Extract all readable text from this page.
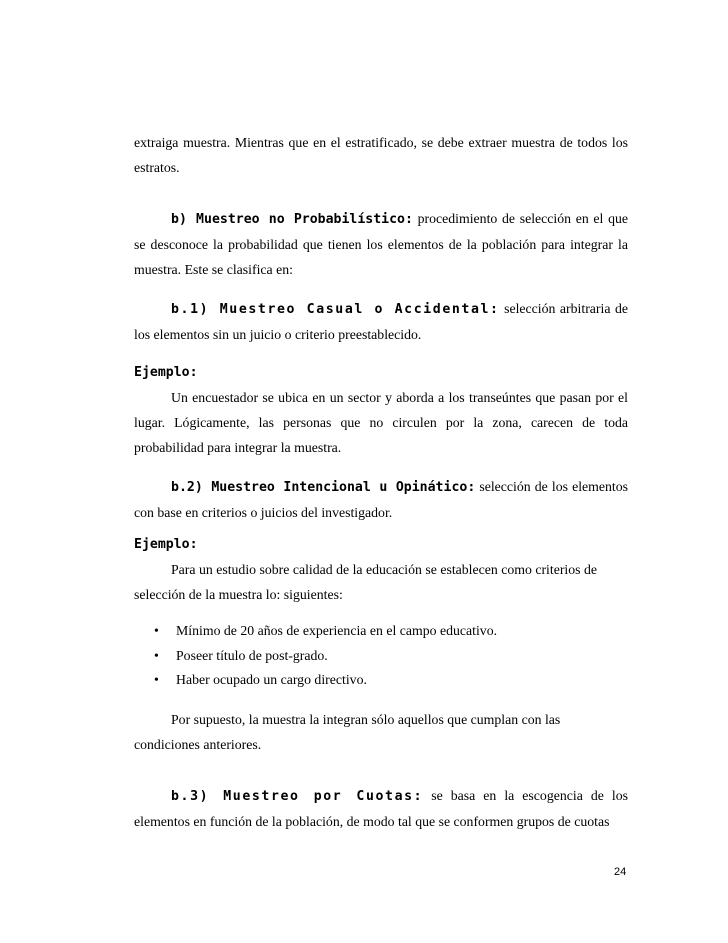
extraiga muestra. Mientras que en el estratificado, se debe extraer muestra de todos los estratos.

b) Muestreo no Probabilístico: procedimiento de selección en el que se desconoce la probabilidad que tienen los elementos de la población para integrar la muestra. Este se clasifica en:

b.1) Muestreo Casual o Accidental: selección arbitraria de los elementos sin un juicio o criterio preestablecido.

Ejemplo:

Un encuestador se ubica en un sector y aborda a los transeúntes que pasan por el lugar. Lógicamente, las personas que no circulen por la zona, carecen de toda probabilidad para integrar la muestra.

b.2) Muestreo Intencional u Opinático: selección de los elementos con base en criterios o juicios del investigador.

Ejemplo:

Para un estudio sobre calidad de la educación se establecen como criterios de selección de la muestra lo: siguientes:

• Mínimo de 20 años de experiencia en el campo educativo.
• Poseer título de post-grado.
• Haber ocupado un cargo directivo.

Por supuesto, la muestra la integran sólo aquellos que cumplan con las condiciones anteriores.

b.3) Muestreo por Cuotas: se basa en la escogencia de los elementos en función de la población, de modo tal que se conformen grupos de cuotas

24
